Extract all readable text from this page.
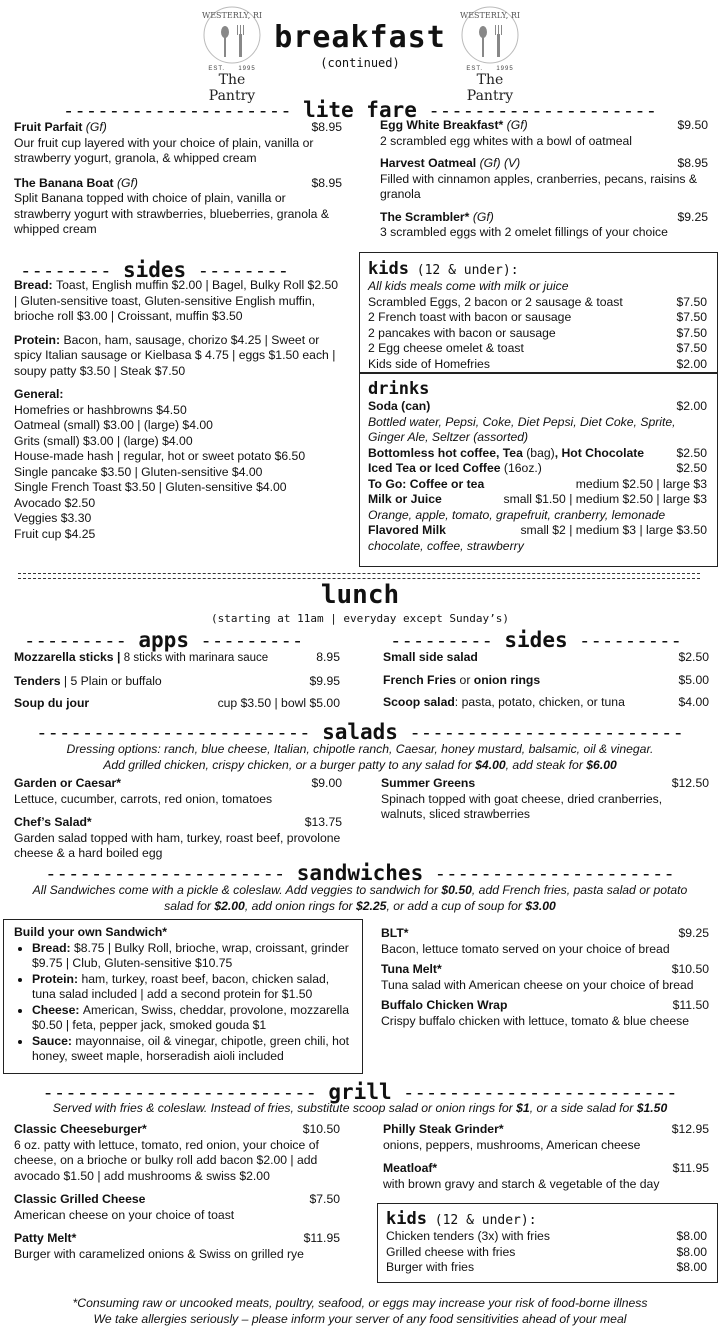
WESTERLY, RI
EST. 1995
The Pantry
WESTERLY, RI
EST. 1995
The Pantry
breakfast
(continued)
-------------------- lite fare --------------------
Fruit Parfait (Gf)	$8.95
Our fruit cup layered with your choice of plain, vanilla or strawberry yogurt, granola, & whipped cream
The Banana Boat (Gf)	$8.95
Split Banana topped with choice of plain, vanilla or strawberry yogurt with strawberries, blueberries, granola & whipped cream
Egg White Breakfast* (Gf)	$9.50
2 scrambled egg whites with a bowl of oatmeal
Harvest Oatmeal (Gf) (V)	$8.95
Filled with cinnamon apples, cranberries, pecans, raisins & granola
The Scrambler* (Gf)	$9.25
3 scrambled eggs with 2 omelet fillings of your choice
-------- sides --------
Bread: Toast, English muffin $2.00 | Bagel, Bulky Roll $2.50 | Gluten-sensitive toast, Gluten-sensitive English muffin, brioche roll $3.00 | Croissant, muffin $3.50
Protein: Bacon, ham, sausage, chorizo $4.25 | Sweet or spicy Italian sausage or Kielbasa $ 4.75 | eggs $1.50 each | soupy patty $3.50 | Steak $7.50
General:
Homefries or hashbrowns $4.50
Oatmeal (small) $3.00 | (large) $4.00
Grits (small) $3.00 | (large) $4.00
House-made hash | regular, hot or sweet potato $6.50
Single pancake $3.50 | Gluten-sensitive $4.00
Single French Toast $3.50 | Gluten-sensitive $4.00
Avocado $2.50
Veggies $3.30
Fruit cup $4.25
kids (12 & under):
All kids meals come with milk or juice
Scrambled Eggs, 2 bacon or 2 sausage & toast	$7.50
2 French toast with bacon or sausage	$7.50
2 pancakes with bacon or sausage	$7.50
2 Egg cheese omelet & toast	$7.50
Kids side of Homefries	$2.00
drinks
Soda (can)	$2.00
Bottled water, Pepsi, Coke, Diet Pepsi, Diet Coke, Sprite, Ginger Ale, Seltzer (assorted)
Bottomless hot coffee, Tea (bag), Hot Chocolate	$2.50
Iced Tea or Iced Coffee (16oz.)	$2.50
To Go: Coffee or tea	medium $2.50 | large $3
Milk or Juice	small $1.50 | medium $2.50 | large $3
Orange, apple, tomato, grapefruit, cranberry, lemonade
Flavored Milk	small $2 | medium $3 | large $3.50
chocolate, coffee, strawberry
lunch
(starting at 11am | everyday except Sunday’s)
--------- apps ---------
Mozzarella sticks | 8 sticks with marinara sauce	8.95
Tenders | 5 Plain or buffalo	$9.95
Soup du jour	cup $3.50 | bowl $5.00
--------- sides ---------
Small side salad	$2.50
French Fries or onion rings	$5.00
Scoop salad: pasta, potato, chicken, or tuna	$4.00
------------------------ salads ------------------------
Dressing options: ranch, blue cheese, Italian, chipotle ranch, Caesar, honey mustard, balsamic, oil & vinegar.
Add grilled chicken, crispy chicken, or a burger patty to any salad for $4.00, add steak for $6.00
Garden or Caesar*	$9.00
Lettuce, cucumber, carrots, red onion, tomatoes
Chef’s Salad*	$13.75
Garden salad topped with ham, turkey, roast beef, provolone cheese & a hard boiled egg
Summer Greens	$12.50
Spinach topped with goat cheese, dried cranberries, walnuts, sliced strawberries
--------------------- sandwiches ---------------------
All Sandwiches come with a pickle & coleslaw. Add veggies to sandwich for $0.50, add French fries, pasta salad or potato salad for $2.00, add onion rings for $2.25, or add a cup of soup for $3.00
Build your own Sandwich*
• Bread: $8.75 | Bulky Roll, brioche, wrap, croissant, grinder $9.75 | Club, Gluten-sensitive $10.75
• Protein: ham, turkey, roast beef, bacon, chicken salad, tuna salad included | add a second protein for $1.50
• Cheese: American, Swiss, cheddar, provolone, mozzarella $0.50 | feta, pepper jack, smoked gouda $1
• Sauce: mayonnaise, oil & vinegar, chipotle, green chili, hot honey, sweet maple, horseradish aioli included
BLT*	$9.25
Bacon, lettuce tomato served on your choice of bread
Tuna Melt*	$10.50
Tuna salad with American cheese on your choice of bread
Buffalo Chicken Wrap	$11.50
Crispy buffalo chicken with lettuce, tomato & blue cheese
------------------------ grill ------------------------
Served with fries & coleslaw. Instead of fries, substitute scoop salad or onion rings for $1, or a side salad for $1.50
Classic Cheeseburger*	$10.50
6 oz. patty with lettuce, tomato, red onion, your choice of cheese, on a brioche or bulky roll add bacon $2.00 | add avocado $1.50 | add mushrooms & swiss $2.00
Classic Grilled Cheese	$7.50
American cheese on your choice of toast
Patty Melt*	$11.95
Burger with caramelized onions & Swiss on grilled rye
Philly Steak Grinder*	$12.95
onions, peppers, mushrooms, American cheese
Meatloaf*	$11.95
with brown gravy and starch & vegetable of the day
kids (12 & under):
Chicken tenders (3x) with fries	$8.00
Grilled cheese with fries	$8.00
Burger with fries	$8.00
*Consuming raw or uncooked meats, poultry, seafood, or eggs may increase your risk of food-borne illness
We take allergies seriously – please inform your server of any food sensitivities ahead of your meal
